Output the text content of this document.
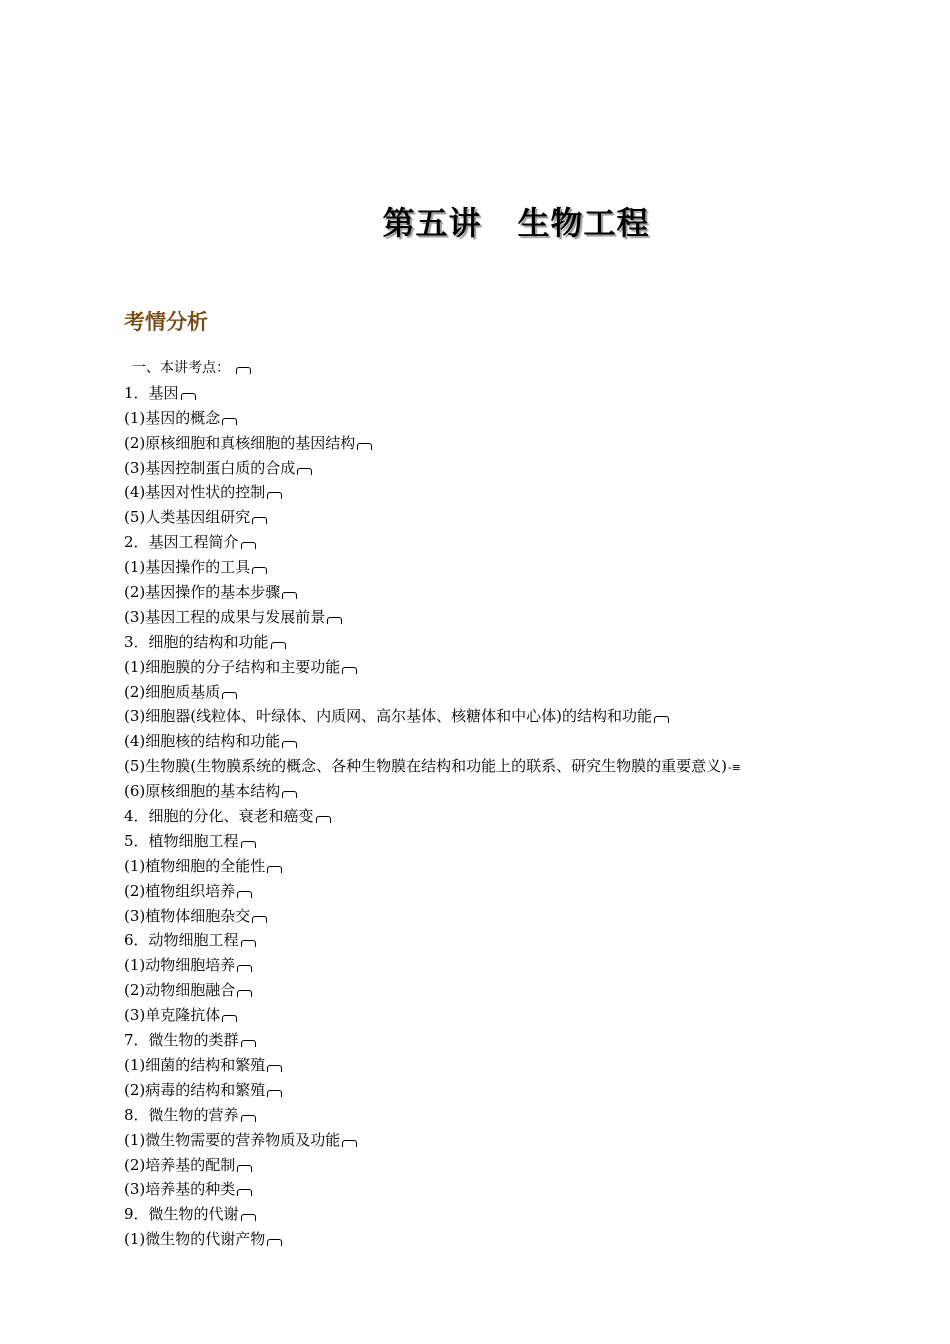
第五讲 生物工程
考情分析
一、本讲考点：
1．基因
(1)基因的概念
(2)原核细胞和真核细胞的基因结构
(3)基因控制蛋白质的合成
(4)基因对性状的控制
(5)人类基因组研究
2．基因工程简介
(1)基因操作的工具
(2)基因操作的基本步骤
(3)基因工程的成果与发展前景
3．细胞的结构和功能
(1)细胞膜的分子结构和主要功能
(2)细胞质基质
(3)细胞器(线粒体、叶绿体、内质网、高尔基体、核糖体和中心体)的结构和功能
(4)细胞核的结构和功能
(5)生物膜(生物膜系统的概念、各种生物膜在结构和功能上的联系、研究生物膜的重要意义)-≡
(6)原核细胞的基本结构
4．细胞的分化、衰老和癌变
5．植物细胞工程
(1)植物细胞的全能性
(2)植物组织培养
(3)植物体细胞杂交
6．动物细胞工程
(1)动物细胞培养
(2)动物细胞融合
(3)单克隆抗体
7．微生物的类群
(1)细菌的结构和繁殖
(2)病毒的结构和繁殖
8．微生物的营养
(1)微生物需要的营养物质及功能
(2)培养基的配制
(3)培养基的种类
9．微生物的代谢
(1)微生物的代谢产物
